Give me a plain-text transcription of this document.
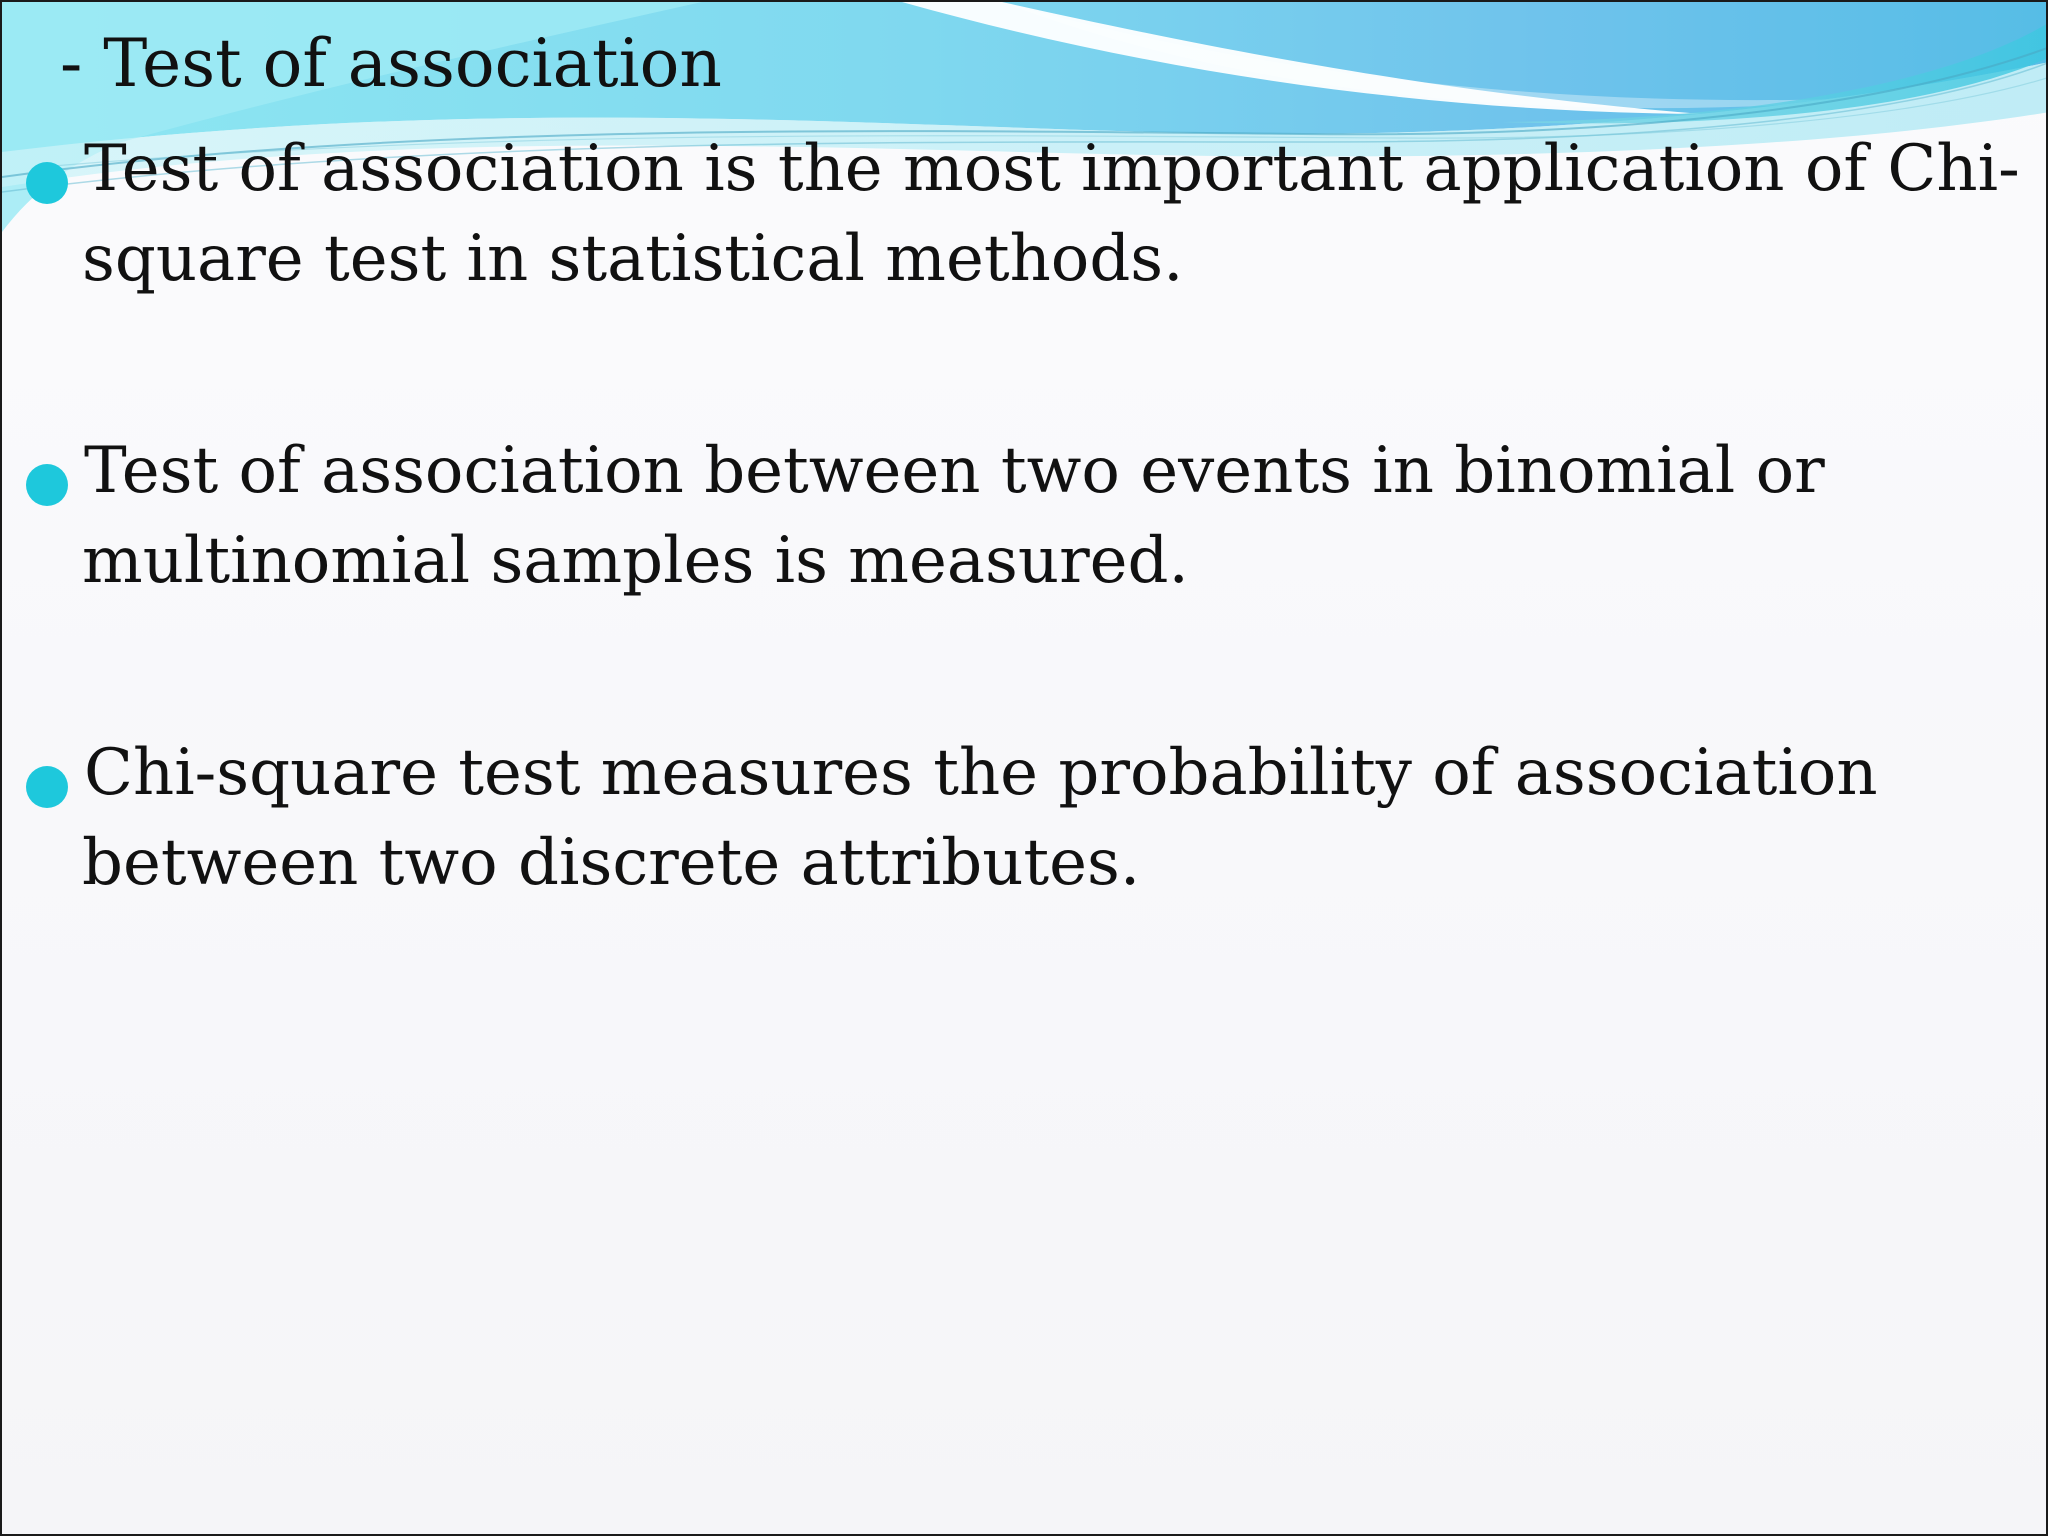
- Test of association

Test of association is the most important application of Chi-
square test in statistical methods.

Test of association between two events in binomial or
multinomial samples is measured.

Chi-square test measures the probability of association
between two discrete attributes.
